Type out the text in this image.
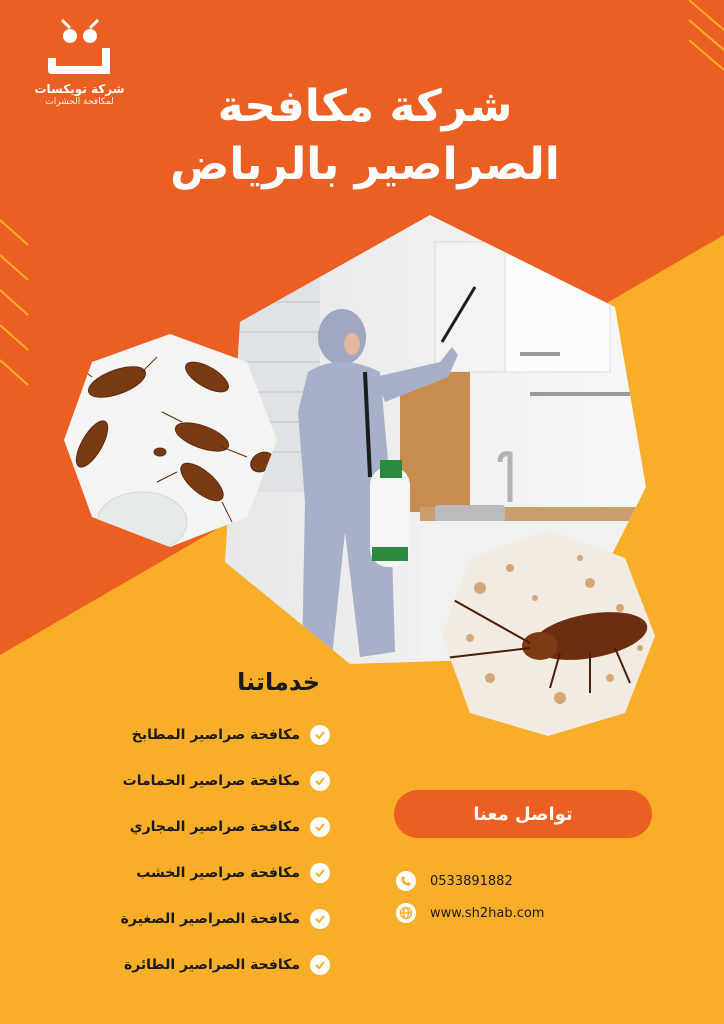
شركة تويكسات
لمكافحة الحشرات	شركة مكافحة
الصراصير بالرياض
خدماتنا
مكافحة صراصير المطابخ
مكافحة صراصير الحمامات
مكافحة صراصير المجاري
مكافحة صراصير الخشب
مكافحة الصراصير الصغيرة
مكافحة الصراصير الطائرة
تواصل معنا
0533891882
www.sh2hab.com
